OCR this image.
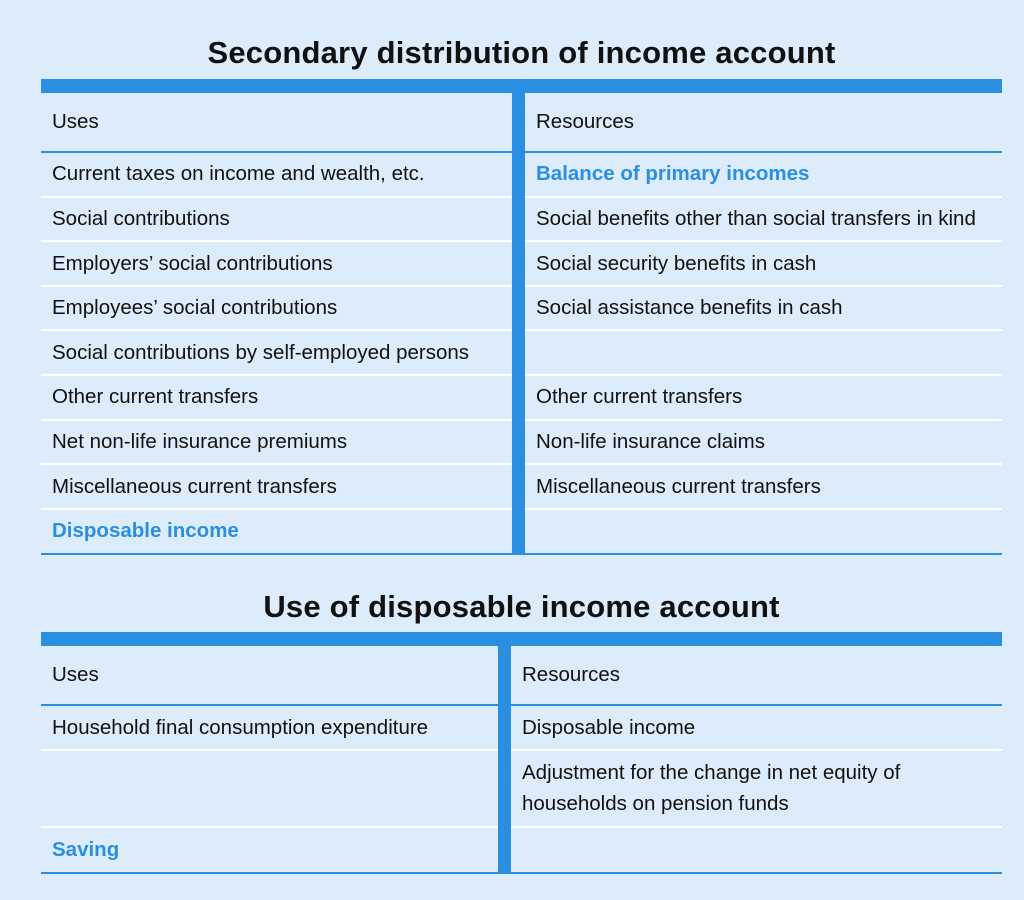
Secondary distribution of income account
Uses
Current taxes on income and wealth, etc.
Social contributions
Employers’ social contributions
Employees’ social contributions
Social contributions by self-employed persons
Other current transfers
Net non-life insurance premiums
Miscellaneous current transfers
Disposable income
Resources
Balance of primary incomes
Social benefits other than social transfers in kind
Social security benefits in cash
Social assistance benefits in cash
Other current transfers
Non-life insurance claims
Miscellaneous current transfers
Use of disposable income account
Uses
Household final consumption expenditure
Saving
Resources
Disposable income
Adjustment for the change in net equity of households on pension funds
